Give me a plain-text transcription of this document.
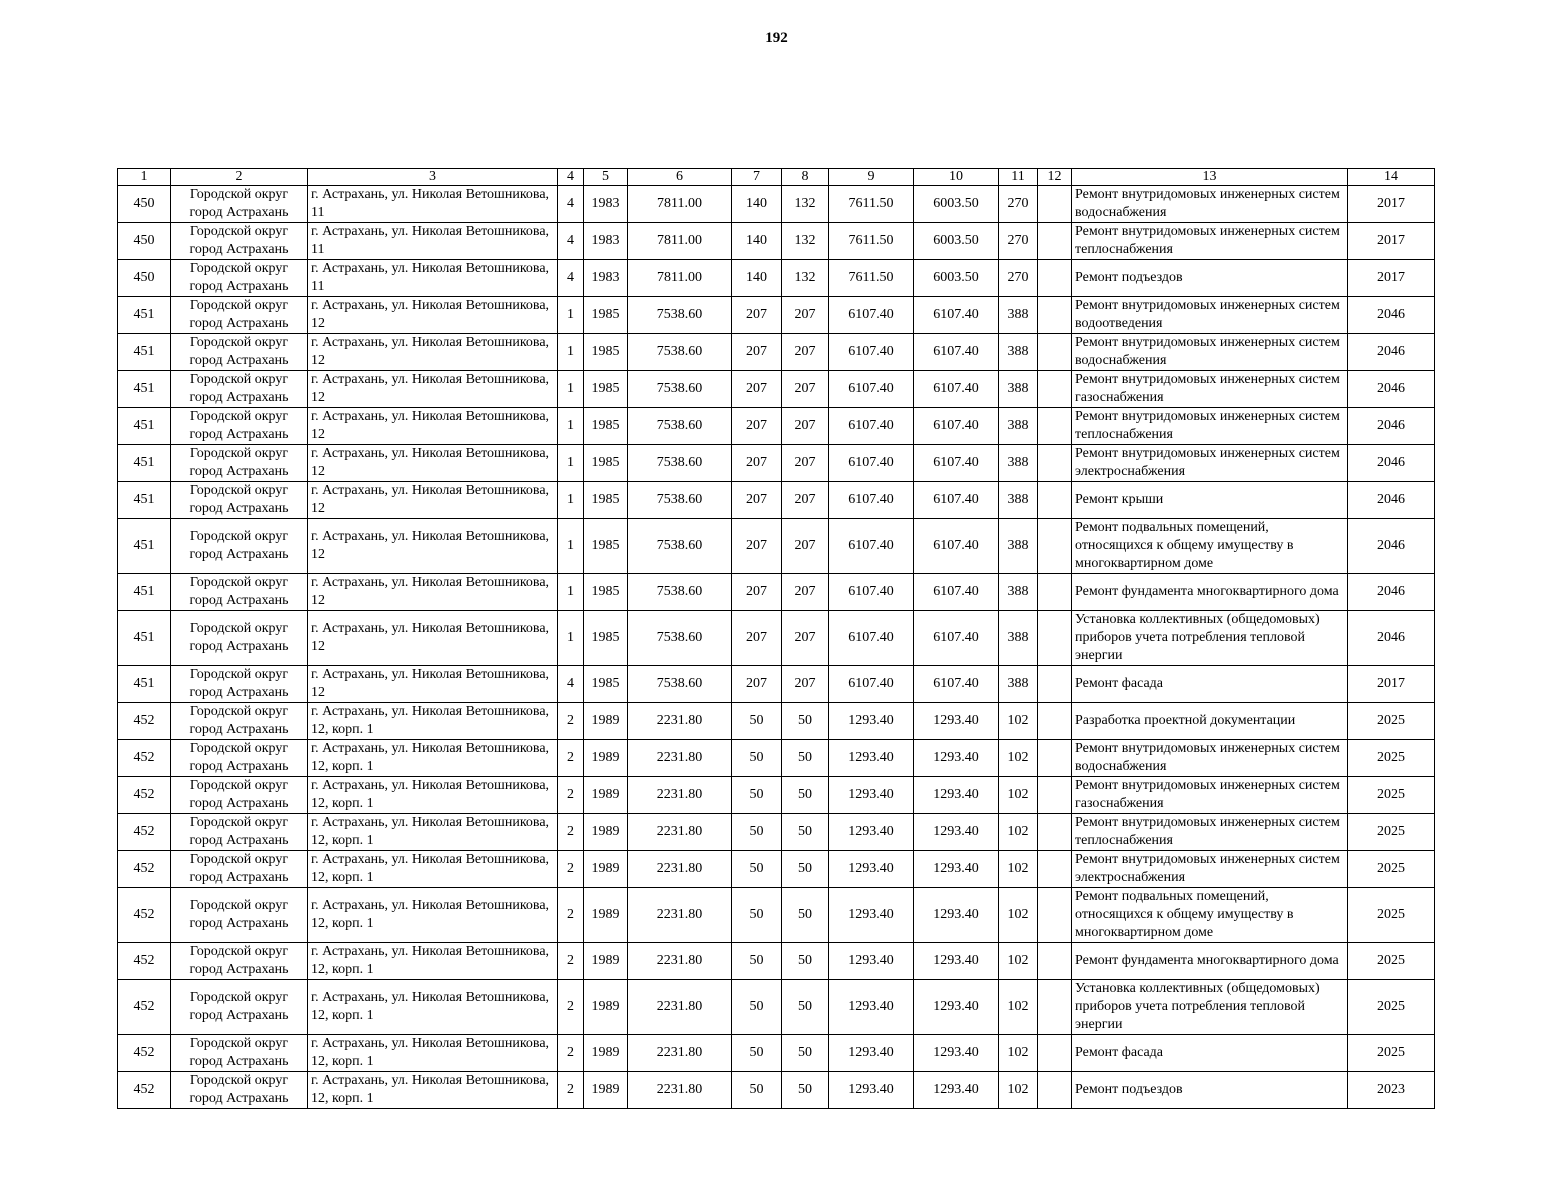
192
1	2	3	4	5	6	7	8	9	10	11	12	13	14
450	Городской округ город Астрахань	г. Астрахань, ул. Николая Ветошникова, 11	4	1983	7811.00	140	132	7611.50	6003.50	270		Ремонт внутридомовых инженерных систем водоснабжения	2017
450	Городской округ город Астрахань	г. Астрахань, ул. Николая Ветошникова, 11	4	1983	7811.00	140	132	7611.50	6003.50	270		Ремонт внутридомовых инженерных систем теплоснабжения	2017
450	Городской округ город Астрахань	г. Астрахань, ул. Николая Ветошникова, 11	4	1983	7811.00	140	132	7611.50	6003.50	270		Ремонт подъездов	2017
451	Городской округ город Астрахань	г. Астрахань, ул. Николая Ветошникова, 12	1	1985	7538.60	207	207	6107.40	6107.40	388		Ремонт внутридомовых инженерных систем водоотведения	2046
451	Городской округ город Астрахань	г. Астрахань, ул. Николая Ветошникова, 12	1	1985	7538.60	207	207	6107.40	6107.40	388		Ремонт внутридомовых инженерных систем водоснабжения	2046
451	Городской округ город Астрахань	г. Астрахань, ул. Николая Ветошникова, 12	1	1985	7538.60	207	207	6107.40	6107.40	388		Ремонт внутридомовых инженерных систем газоснабжения	2046
451	Городской округ город Астрахань	г. Астрахань, ул. Николая Ветошникова, 12	1	1985	7538.60	207	207	6107.40	6107.40	388		Ремонт внутридомовых инженерных систем теплоснабжения	2046
451	Городской округ город Астрахань	г. Астрахань, ул. Николая Ветошникова, 12	1	1985	7538.60	207	207	6107.40	6107.40	388		Ремонт внутридомовых инженерных систем электроснабжения	2046
451	Городской округ город Астрахань	г. Астрахань, ул. Николая Ветошникова, 12	1	1985	7538.60	207	207	6107.40	6107.40	388		Ремонт крыши	2046
451	Городской округ город Астрахань	г. Астрахань, ул. Николая Ветошникова, 12	1	1985	7538.60	207	207	6107.40	6107.40	388		Ремонт подвальных помещений, относящихся к общему имуществу в многоквартирном доме	2046
451	Городской округ город Астрахань	г. Астрахань, ул. Николая Ветошникова, 12	1	1985	7538.60	207	207	6107.40	6107.40	388		Ремонт фундамента многоквартирного дома	2046
451	Городской округ город Астрахань	г. Астрахань, ул. Николая Ветошникова, 12	1	1985	7538.60	207	207	6107.40	6107.40	388		Установка коллективных (общедомовых) приборов учета потребления тепловой энергии	2046
451	Городской округ город Астрахань	г. Астрахань, ул. Николая Ветошникова, 12	4	1985	7538.60	207	207	6107.40	6107.40	388		Ремонт фасада	2017
452	Городской округ город Астрахань	г. Астрахань, ул. Николая Ветошникова, 12, корп. 1	2	1989	2231.80	50	50	1293.40	1293.40	102		Разработка проектной документации	2025
452	Городской округ город Астрахань	г. Астрахань, ул. Николая Ветошникова, 12, корп. 1	2	1989	2231.80	50	50	1293.40	1293.40	102		Ремонт внутридомовых инженерных систем водоснабжения	2025
452	Городской округ город Астрахань	г. Астрахань, ул. Николая Ветошникова, 12, корп. 1	2	1989	2231.80	50	50	1293.40	1293.40	102		Ремонт внутридомовых инженерных систем газоснабжения	2025
452	Городской округ город Астрахань	г. Астрахань, ул. Николая Ветошникова, 12, корп. 1	2	1989	2231.80	50	50	1293.40	1293.40	102		Ремонт внутридомовых инженерных систем теплоснабжения	2025
452	Городской округ город Астрахань	г. Астрахань, ул. Николая Ветошникова, 12, корп. 1	2	1989	2231.80	50	50	1293.40	1293.40	102		Ремонт внутридомовых инженерных систем электроснабжения	2025
452	Городской округ город Астрахань	г. Астрахань, ул. Николая Ветошникова, 12, корп. 1	2	1989	2231.80	50	50	1293.40	1293.40	102		Ремонт подвальных помещений, относящихся к общему имуществу в многоквартирном доме	2025
452	Городской округ город Астрахань	г. Астрахань, ул. Николая Ветошникова, 12, корп. 1	2	1989	2231.80	50	50	1293.40	1293.40	102		Ремонт фундамента многоквартирного дома	2025
452	Городской округ город Астрахань	г. Астрахань, ул. Николая Ветошникова, 12, корп. 1	2	1989	2231.80	50	50	1293.40	1293.40	102		Установка коллективных (общедомовых) приборов учета потребления тепловой энергии	2025
452	Городской округ город Астрахань	г. Астрахань, ул. Николая Ветошникова, 12, корп. 1	2	1989	2231.80	50	50	1293.40	1293.40	102		Ремонт фасада	2025
452	Городской округ город Астрахань	г. Астрахань, ул. Николая Ветошникова, 12, корп. 1	2	1989	2231.80	50	50	1293.40	1293.40	102		Ремонт подъездов	2023
